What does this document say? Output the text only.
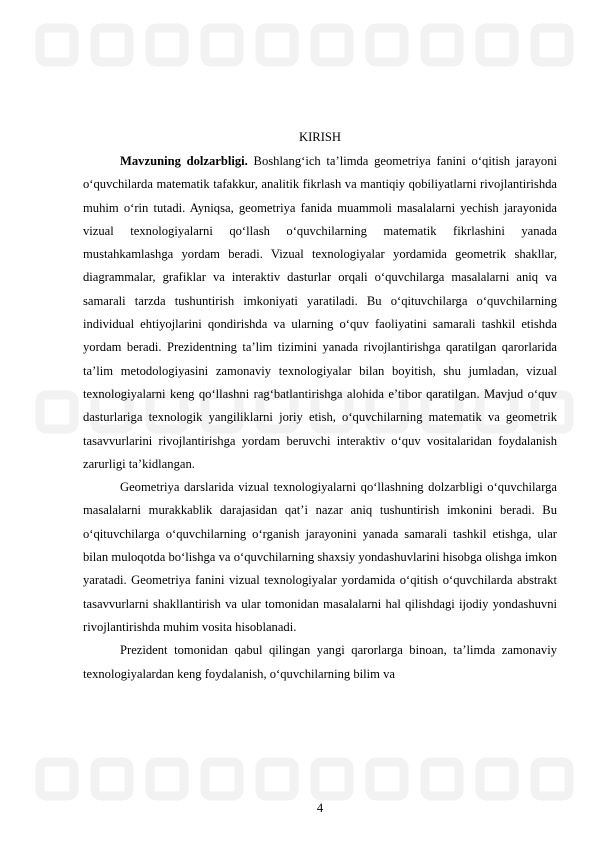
KIRISH

Mavzuning dolzarbligi. Boshlang‘ich ta’limda geometriya fanini o‘qitish jarayoni o‘quvchilarda matematik tafakkur, analitik fikrlash va mantiqiy qobiliyatlarni rivojlantirishda muhim o‘rin tutadi. Ayniqsa, geometriya fanida muammoli masalalarni yechish jarayonida vizual texnologiyalarni qo‘llash o‘quvchilarning matematik fikrlashini yanada mustahkamlashga yordam beradi. Vizual texnologiyalar yordamida geometrik shakllar, diagrammalar, grafiklar va interaktiv dasturlar orqali o‘quvchilarga masalalarni aniq va samarali tarzda tushuntirish imkoniyati yaratiladi. Bu o‘qituvchilarga o‘quvchilarning individual ehtiyojlarini qondirishda va ularning o‘quv faoliyatini samarali tashkil etishda yordam beradi. Prezidentning ta’lim tizimini yanada rivojlantirishga qaratilgan qarorlarida ta’lim metodologiyasini zamonaviy texnologiyalar bilan boyitish, shu jumladan, vizual texnologiyalarni keng qo‘llashni rag‘batlantirishga alohida e’tibor qaratilgan. Mavjud o‘quv dasturlariga texnologik yangiliklarni joriy etish, o‘quvchilarning matematik va geometrik tasavvurlarini rivojlantirishga yordam beruvchi interaktiv o‘quv vositalaridan foydalanish zarurligi ta’kidlangan.

Geometriya darslarida vizual texnologiyalarni qo‘llashning dolzarbligi o‘quvchilarga masalalarni murakkablik darajasidan qat’i nazar aniq tushuntirish imkonini beradi. Bu o‘qituvchilarga o‘quvchilarning o‘rganish jarayonini yanada samarali tashkil etishga, ular bilan muloqotda bo‘lishga va o‘quvchilarning shaxsiy yondashuvlarini hisobga olishga imkon yaratadi. Geometriya fanini vizual texnologiyalar yordamida o‘qitish o‘quvchilarda abstrakt tasavvurlarni shakllantirish va ular tomonidan masalalarni hal qilishdagi ijodiy yondashuvni rivojlantirishda muhim vosita hisoblanadi.

Prezident tomonidan qabul qilingan yangi qarorlarga binoan, ta’limda zamonaviy texnologiyalardan keng foydalanish, o‘quvchilarning bilim va

4
